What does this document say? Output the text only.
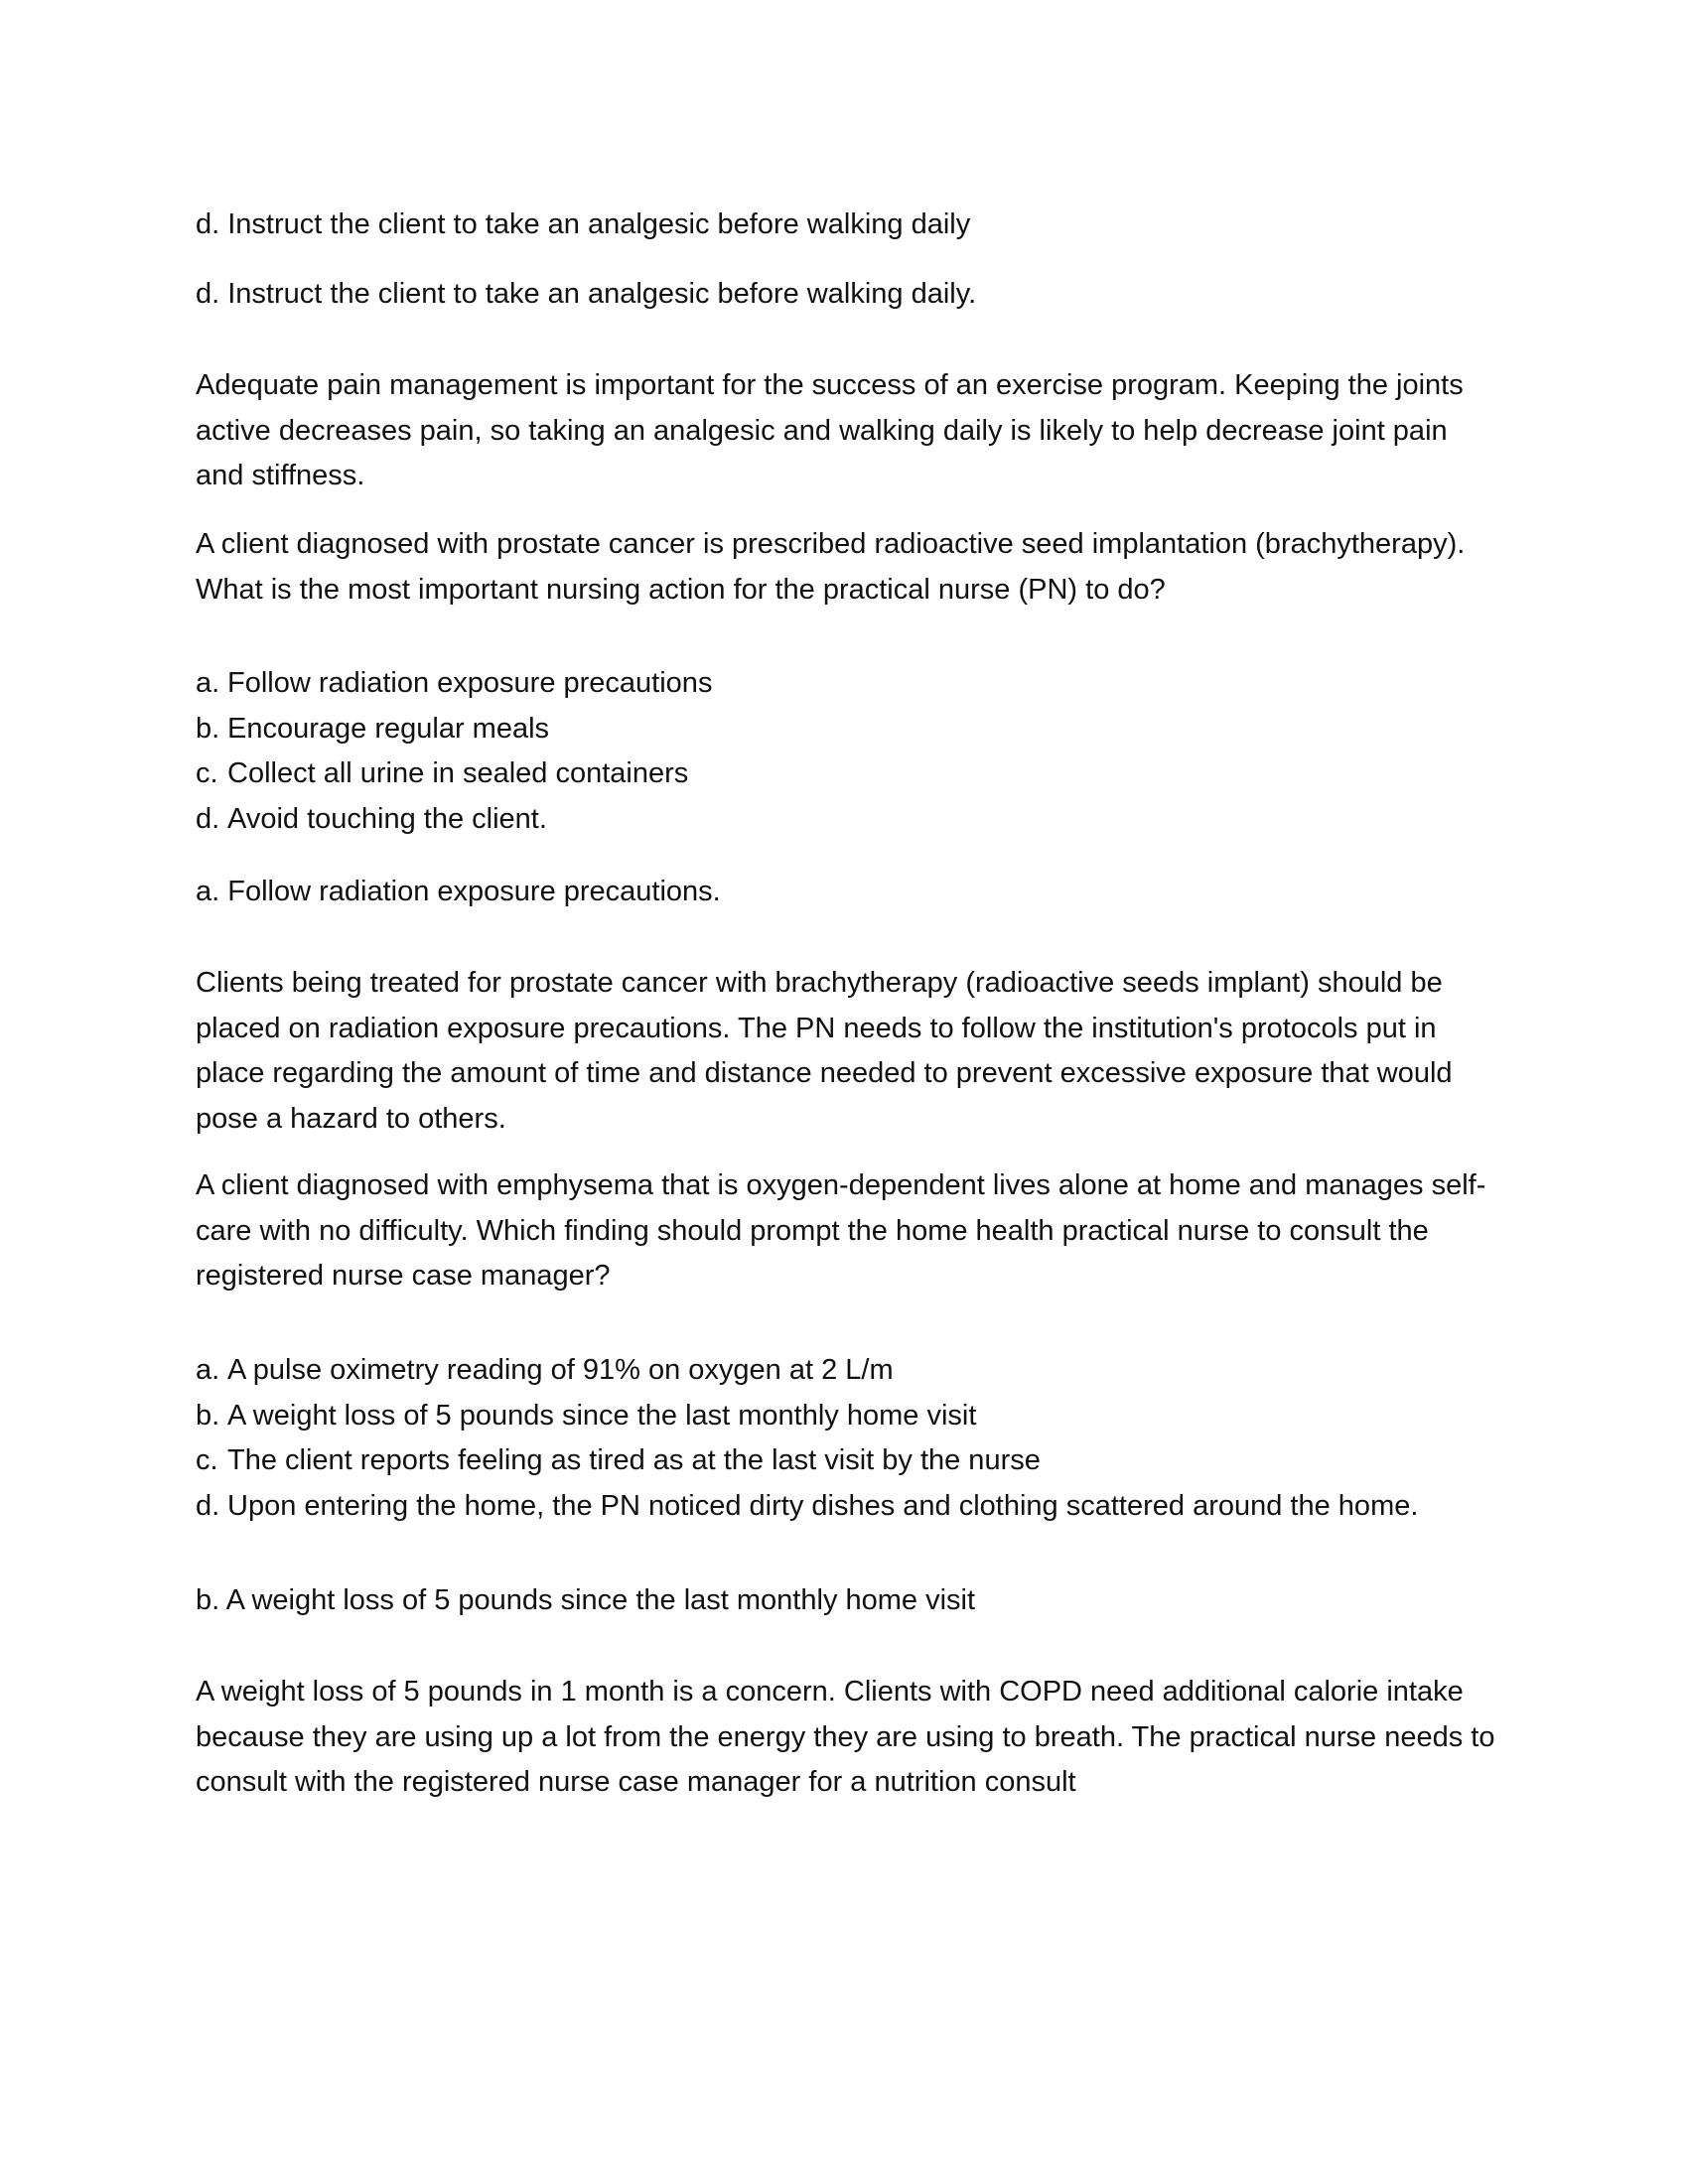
d. Instruct the client to take an analgesic before walking daily

d. Instruct the client to take an analgesic before walking daily.

Adequate pain management is important for the success of an exercise program. Keeping the joints active decreases pain, so taking an analgesic and walking daily is likely to help decrease joint pain and stiffness.

A client diagnosed with prostate cancer is prescribed radioactive seed implantation (brachytherapy). What is the most important nursing action for the practical nurse (PN) to do?

a. Follow radiation exposure precautions
b. Encourage regular meals
c. Collect all urine in sealed containers
d. Avoid touching the client.

a. Follow radiation exposure precautions.

Clients being treated for prostate cancer with brachytherapy (radioactive seeds implant) should be placed on radiation exposure precautions. The PN needs to follow the institution's protocols put in place regarding the amount of time and distance needed to prevent excessive exposure that would pose a hazard to others.

A client diagnosed with emphysema that is oxygen-dependent lives alone at home and manages self-care with no difficulty. Which finding should prompt the home health practical nurse to consult the registered nurse case manager?

a. A pulse oximetry reading of 91% on oxygen at 2 L/m
b. A weight loss of 5 pounds since the last monthly home visit
c. The client reports feeling as tired as at the last visit by the nurse
d. Upon entering the home, the PN noticed dirty dishes and clothing scattered around the home.

b. A weight loss of 5 pounds since the last monthly home visit

A weight loss of 5 pounds in 1 month is a concern. Clients with COPD need additional calorie intake because they are using up a lot from the energy they are using to breath. The practical nurse needs to consult with the registered nurse case manager for a nutrition consult
